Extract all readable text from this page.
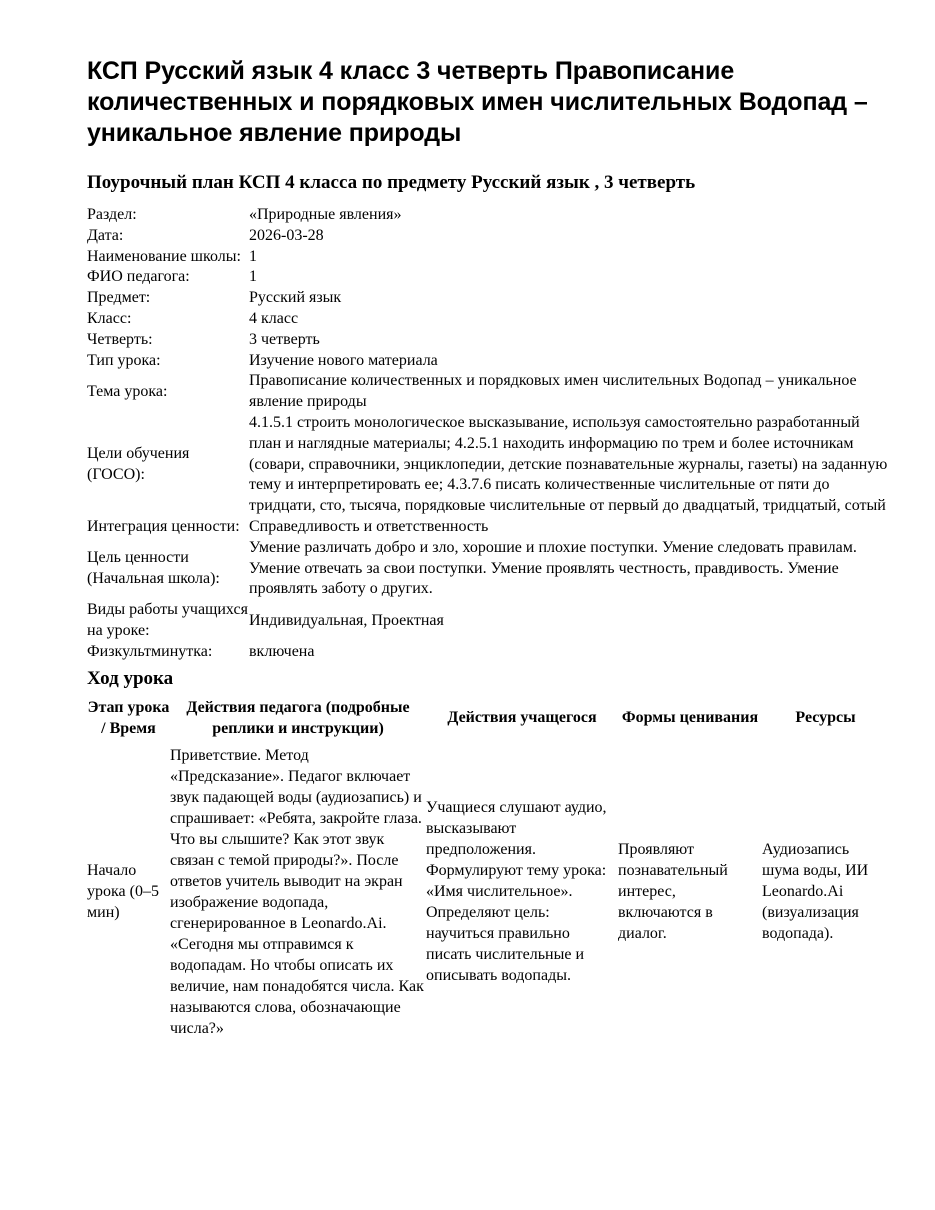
КСП Русский язык 4 класс 3 четверть Правописание количественных и порядковых имен числительных Водопад – уникальное явление природы
Поурочный план КСП 4 класса по предмету Русский язык , 3 четверть
Раздел:	«Природные явления»
Дата:	2026-03-28
Наименование школы:	1
ФИО педагога:	1
Предмет:	Русский язык
Класс:	4 класс
Четверть:	3 четверть
Тип урока:	Изучение нового материала
Тема урока:	Правописание количественных и порядковых имен числительных Водопад – уникальное явление природы
Цели обучения (ГОСО):	4.1.5.1 строить монологическое высказывание, используя самостоятельно разработанный план и наглядные материалы; 4.2.5.1 находить информацию по трем и более источникам (совари, справочники, энциклопедии, детские познавательные журналы, газеты) на заданную тему и интерпретировать ее; 4.3.7.6 писать количественные числительные от пяти до тридцати, сто, тысяча, порядковые числительные от первый до двадцатый, тридцатый, сотый
Интеграция ценности:	Справедливость и ответственность
Цель ценности (Начальная школа):	Умение различать добро и зло, хорошие и плохие поступки. Умение следовать правилам. Умение отвечать за свои поступки. Умение проявлять честность, правдивость. Умение проявлять заботу о других.
Виды работы учащихся на уроке:	Индивидуальная, Проектная
Физкультминутка:	включена
Ход урока
Этап урока / Время	Действия педагога (подробные реплики и инструкции)	Действия учащегося	Формы ценивания	Ресурсы
Начало урока (0–5 мин)	Приветствие. Метод «Предсказание». Педагог включает звук падающей воды (аудиозапись) и спрашивает: «Ребята, закройте глаза. Что вы слышите? Как этот звук связан с темой природы?». После ответов учитель выводит на экран изображение водопада, сгенерированное в Leonardo.Ai. «Сегодня мы отправимся к водопадам. Но чтобы описать их величие, нам понадобятся числа. Как называются слова, обозначающие числа?»	Учащиеся слушают аудио, высказывают предположения. Формулируют тему урока: «Имя числительное». Определяют цель: научиться правильно писать числительные и описывать водопады.	Проявляют познавательный интерес, включаются в диалог.	Аудиозапись шума воды, ИИ Leonardo.Ai (визуализация водопада).
